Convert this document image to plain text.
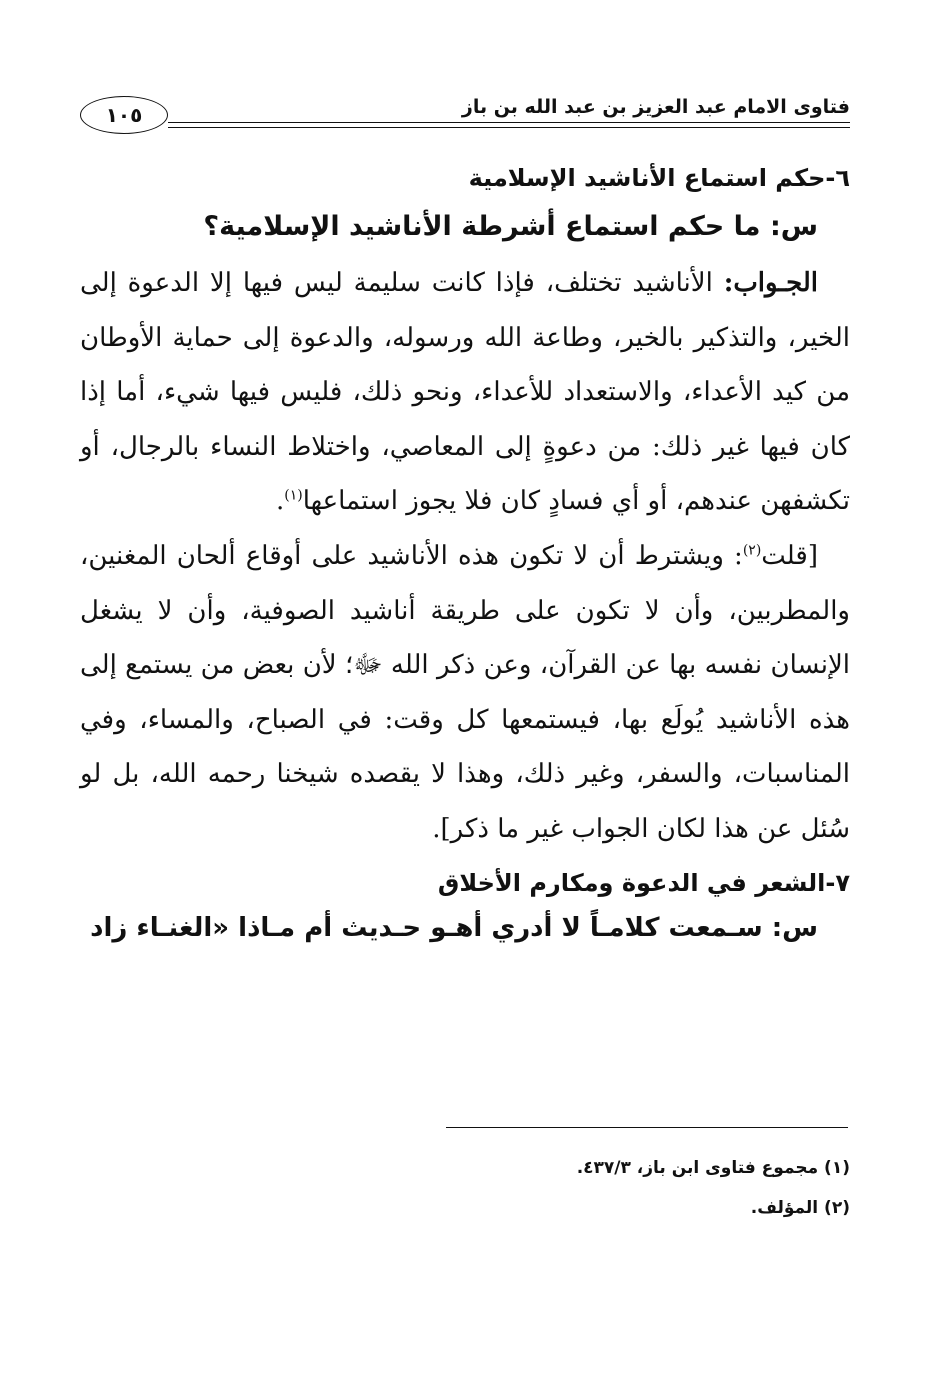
فتاوى الامام عبد العزيز بن عبد الله بن باز
١٠٥
٦-حكم استماع الأناشيد الإسلامية

س: ما حكم استماع أشرطة الأناشيد الإسلامية؟

الجـواب: الأناشيد تختلف، فإذا كانت سليمة ليس فيها إلا الدعوة إلى الخير، والتذكير بالخير، وطاعة الله ورسوله، والدعوة إلى حماية الأوطان من كيد الأعداء، والاستعداد للأعداء، ونحو ذلك، فليس فيها شيء، أما إذا كان فيها غير ذلك: من دعوةٍ إلى المعاصي، واختلاط النساء بالرجال، أو تكشفهن عندهم، أو أي فسادٍ كان فلا يجوز استماعها$^{(١)}$.

[قلت$^{(٢)}$: ويشترط أن لا تكون هذه الأناشيد على أوقاع ألحان المغنين، والمطربين، وأن لا تكون على طريقة أناشيد الصوفية، وأن لا يشغل الإنسان نفسه بها عن القرآن، وعن ذكر الله ﷻ؛ لأن بعض من يستمع إلى هذه الأناشيد يُولَع بها، فيستمعها كل وقت: في الصباح، والمساء، وفي المناسبات، والسفر، وغير ذلك، وهذا لا يقصده شيخنا رحمه الله، بل لو سُئل عن هذا لكان الجواب غير ما ذكر].

٧-الشعر في الدعوة ومكارم الأخلاق

س: سـمعت كلامـاً لا أدري أهـو حـديث أم مـاذا «الغنـاء زاد

(١) مجموع فتاوى ابن باز، ٤٣٧/٣.

(٢) المؤلف.
